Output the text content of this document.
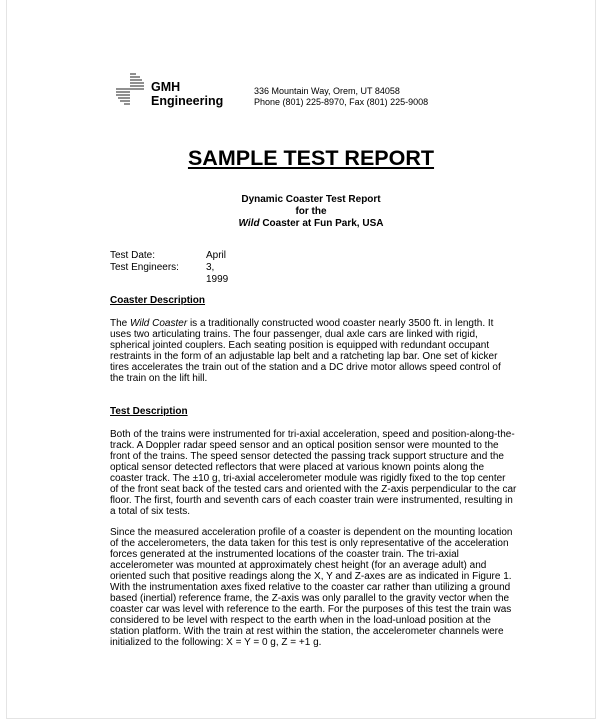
GMH
Engineering
336 Mountain Way, Orem, UT 84058
Phone (801) 225-8970, Fax (801) 225-9008
SAMPLE TEST REPORT
Dynamic Coaster Test Report
for the
Wild Coaster at Fun Park, USA
Test Date:	April 3, 1999
Test Engineers:
Coaster Description
The Wild Coaster is a traditionally constructed wood coaster nearly 3500 ft. in length. It
uses two articulating trains. The four passenger, dual axle cars are linked with rigid,
spherical jointed couplers. Each seating position is equipped with redundant occupant
restraints in the form of an adjustable lap belt and a ratcheting lap bar. One set of kicker
tires accelerates the train out of the station and a DC drive motor allows speed control of
the train on the lift hill.
Test Description
Both of the trains were instrumented for tri-axial acceleration, speed and position-along-the-
track. A Doppler radar speed sensor and an optical position sensor were mounted to the
front of the trains. The speed sensor detected the passing track support structure and the
optical sensor detected reflectors that were placed at various known points along the
coaster track. The ±10 g, tri-axial accelerometer module was rigidly fixed to the top center
of the front seat back of the tested cars and oriented with the Z-axis perpendicular to the car
floor. The first, fourth and seventh cars of each coaster train were instrumented, resulting in
a total of six tests.
Since the measured acceleration profile of a coaster is dependent on the mounting location
of the accelerometers, the data taken for this test is only representative of the acceleration
forces generated at the instrumented locations of the coaster train. The tri-axial
accelerometer was mounted at approximately chest height (for an average adult) and
oriented such that positive readings along the X, Y and Z-axes are as indicated in Figure 1.
With the instrumentation axes fixed relative to the coaster car rather than utilizing a ground
based (inertial) reference frame, the Z-axis was only parallel to the gravity vector when the
coaster car was level with reference to the earth. For the purposes of this test the train was
considered to be level with respect to the earth when in the load-unload position at the
station platform. With the train at rest within the station, the accelerometer channels were
initialized to the following: X = Y = 0 g, Z = +1 g.
